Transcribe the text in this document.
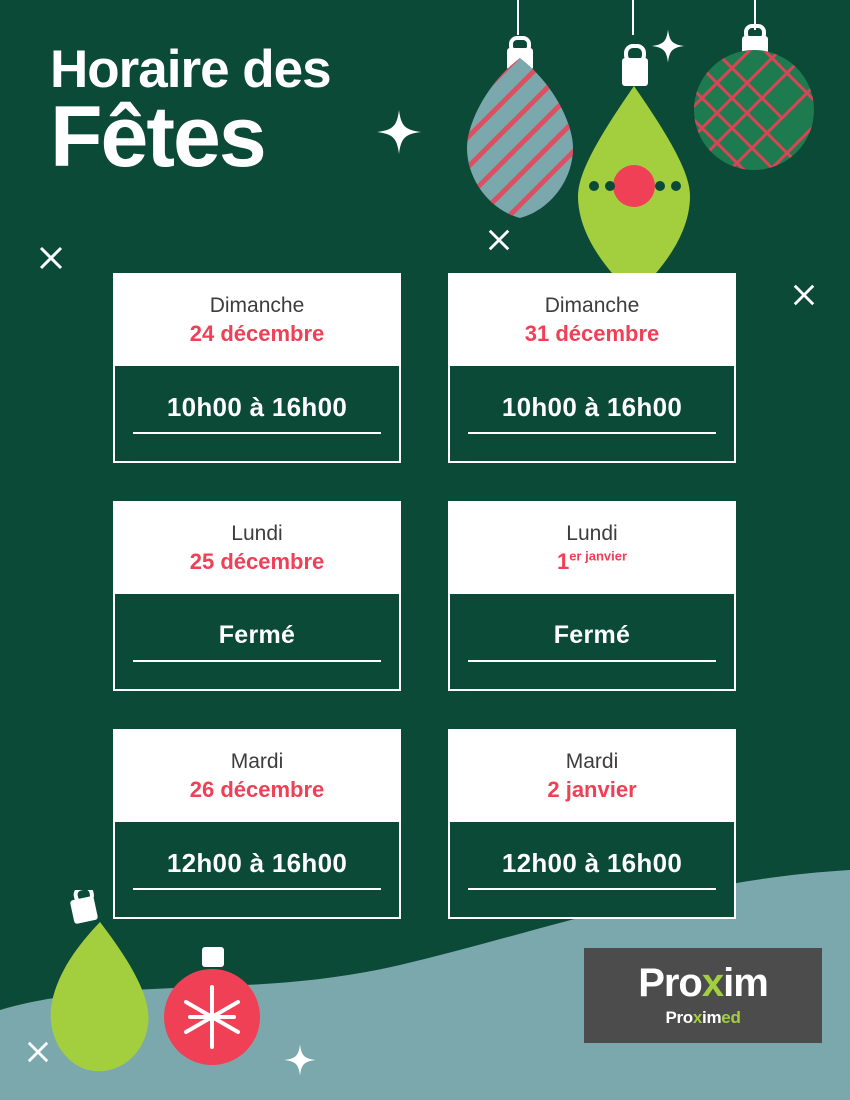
Horaire des
Fêtes
Dimanche
24 décembre
10h00 à 16h00
Dimanche
31 décembre
10h00 à 16h00
Lundi
25 décembre
Fermé
Lundi
$1^{er janvier}$
Fermé
Mardi
26 décembre
12h00 à 16h00
Mardi
2 janvier
12h00 à 16h00
Proxim
Proximed
